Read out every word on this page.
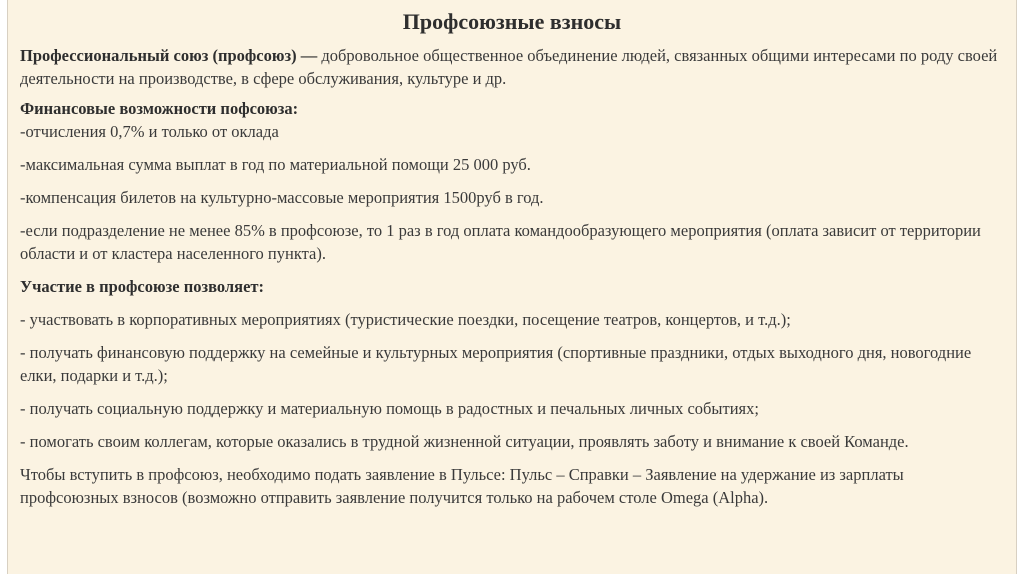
Профсоюзные взносы

Профессиональный союз (профсоюз) — добровольное общественное объединение людей, связанных общими интересами по роду своей деятельности на производстве, в сфере обслуживания, культуре и др.

Финансовые возможности пофсоюза:

-отчисления 0,7% и только от оклада

-максимальная сумма выплат в год по материальной помощи 25 000 руб.

-компенсация билетов на культурно-массовые мероприятия 1500руб в год.

-если подразделение не менее 85% в профсоюзе, то 1 раз в год оплата командообразующего мероприятия (оплата зависит от территории области и от кластера населенного пункта).

Участие в профсоюзе позволяет:

- участвовать в корпоративных мероприятиях (туристические поездки, посещение театров, концертов, и т.д.);

- получать финансовую поддержку на семейные и культурных мероприятия (спортивные праздники, отдых выходного дня, новогодние елки, подарки и т.д.);

- получать социальную поддержку и материальную помощь в радостных и печальных личных событиях;

- помогать своим коллегам, которые оказались в трудной жизненной ситуации, проявлять заботу и внимание к своей Команде.

Чтобы вступить в профсоюз, необходимо подать заявление в Пульсе: Пульс – Справки – Заявление на удержание из зарплаты профсоюзных взносов (возможно отправить заявление получится только на рабочем столе Omega (Alpha).
